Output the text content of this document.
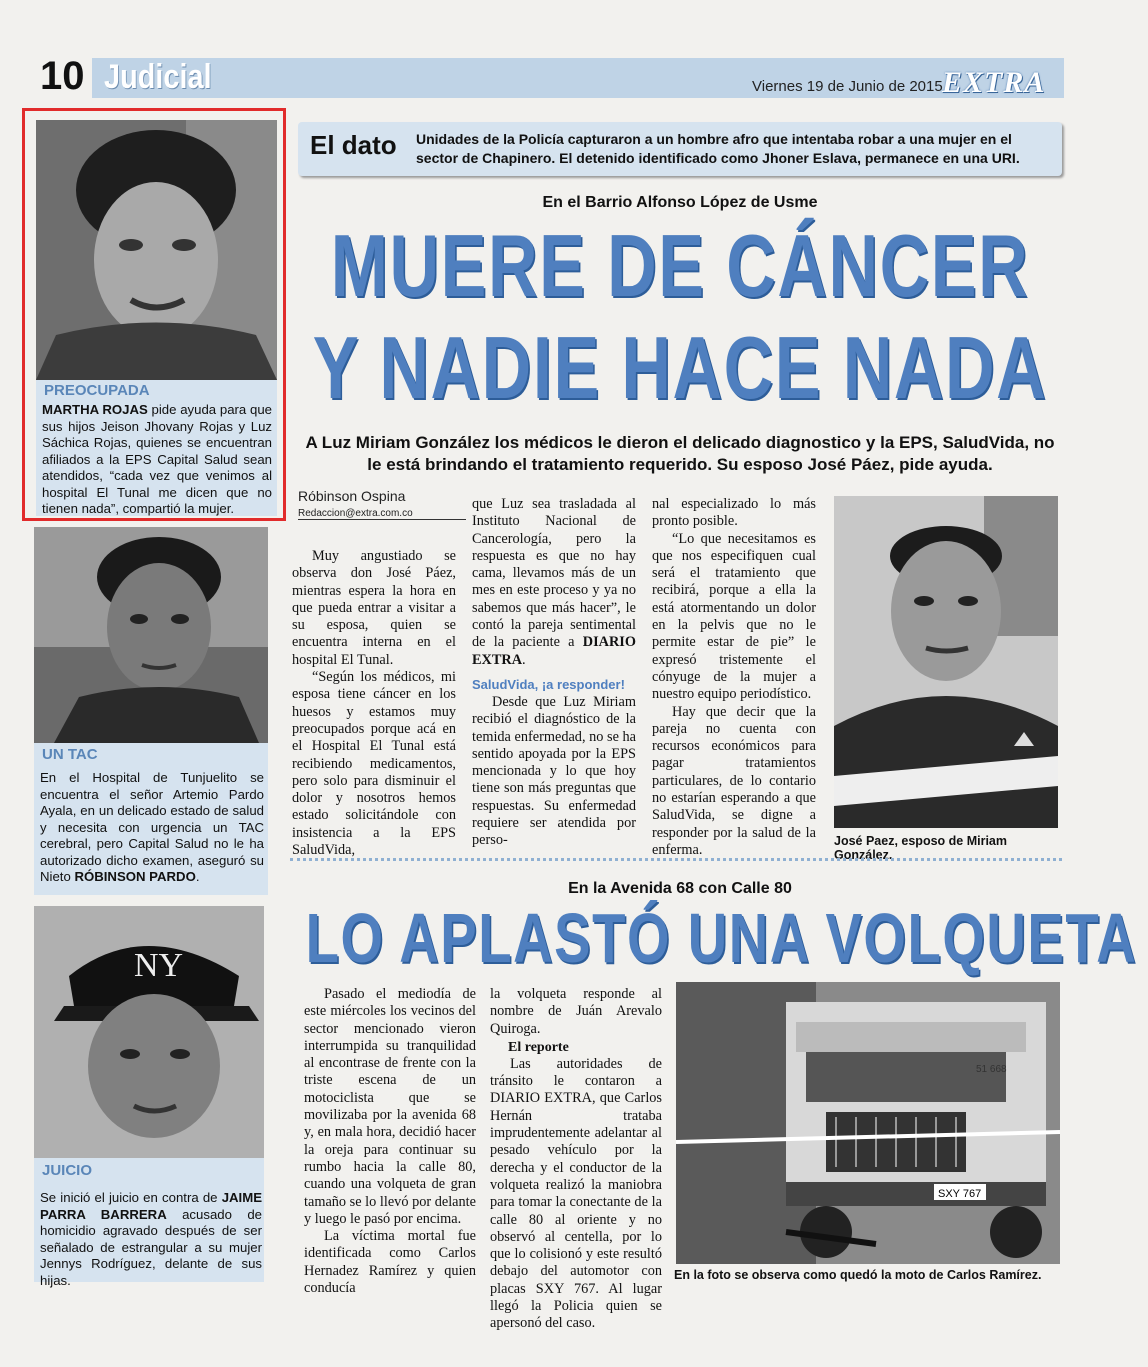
10 Judicial	Viernes 19 de Junio de 2015 EXTRA
PREOCUPADA
MARTHA ROJAS pide ayuda para que sus hijos Jeison Jhovany Rojas y Luz Sáchica Rojas, quienes se encuentran afiliados a la EPS Capital Salud sean atendidos, “cada vez que venimos al hospital El Tunal me dicen que no tienen nada”, compartió la mujer.
UN TAC
En el Hospital de Tunjuelito se encuentra el señor Artemio Pardo Ayala, en un delicado estado de salud y necesita con urgencia un TAC cerebral, pero Capital Salud no le ha autorizado dicho examen, aseguró su Nieto RÓBINSON PARDO.
NY
JUICIO
Se inició el juicio en contra de JAIME PARRA BARRERA acusado de homicidio agravado después de ser señalado de estrangular a su mujer Jennys Rodríguez, delante de sus hijas.
El dato Unidades de la Policía capturaron a un hombre afro que intentaba robar a una mujer en el sector de Chapinero. El detenido identificado como Jhoner Eslava, permanece en una URI.
En el Barrio Alfonso López de Usme
MUERE DE CÁNCER
Y NADIE HACE NADA
A Luz Miriam González los médicos le dieron el delicado diagnostico y la EPS, SaludVida, no le está brindando el tratamiento requerido. Su esposo José Páez, pide ayuda.
Róbinson Ospina
Redaccion@extra.com.co

Muy angustiado se observa don José Páez, mientras espera la hora en que pueda entrar a visitar a su esposa, quien se encuentra interna en el hospital El Tunal.

“Según los médicos, mi esposa tiene cáncer en los huesos y estamos muy preocupados porque acá en el Hospital El Tunal está recibiendo medicamentos, pero solo para disminuir el dolor y nosotros hemos estado solicitándole con insistencia a la EPS SaludVida,

que Luz sea trasladada al Instituto Nacional de Cancerología, pero la respuesta es que no hay cama, llevamos más de un mes en este proceso y ya no sabemos que más hacer”, le contó la pareja sentimental de la paciente a DIARIO EXTRA.

SaludVida, ¡a responder!

Desde que Luz Miriam recibió el diagnóstico de la temida enfermedad, no se ha sentido apoyada por la EPS mencionada y lo que hoy tiene son más preguntas que respuestas. Su enfermedad requiere ser atendida por perso-

nal especializado lo más pronto posible.

“Lo que necesitamos es que nos especifiquen cual será el tratamiento que recibirá, porque a ella la está atormentando un dolor en la pelvis que no le permite estar de pie” le expresó tristemente el cónyuge de la mujer a nuestro equipo periodístico.

Hay que decir que la pareja no cuenta con recursos económicos para pagar tratamientos particulares, de lo contario no estarían esperando a que SaludVida, se digne a responder por la salud de la enferma.

José Paez, esposo de Miriam González.
En la Avenida 68 con Calle 80
LO APLASTÓ UNA VOLQUETA

Pasado el mediodía de este miércoles los vecinos del sector mencionado vieron interrumpida su tranquilidad al encontrase de frente con la triste escena de un motociclista que se movilizaba por la avenida 68 y, en mala hora, decidió hacer la oreja para continuar su rumbo hacia la calle 80, cuando una volqueta de gran tamaño se lo llevó por delante y luego le pasó por encima.

La víctima mortal fue identificada como Carlos Hernadez Ramírez y quien conducía

la volqueta responde al nombre de Juán Arevalo Quiroga.

El reporte

Las autoridades de tránsito le contaron a DIARIO EXTRA, que Carlos Hernán trataba imprudentemente adelantar al pesado vehículo por la derecha y el conductor de la volqueta realizó la maniobra para tomar la conectante de la calle 80 al oriente y no observó al centella, por lo que lo colisionó y este resultó debajo del automotor con placas SXY 767. Al lugar llegó la Policia quien se apersonó del caso.

SXY 767
51 668
En la foto se observa como quedó la moto de Carlos Ramírez.
